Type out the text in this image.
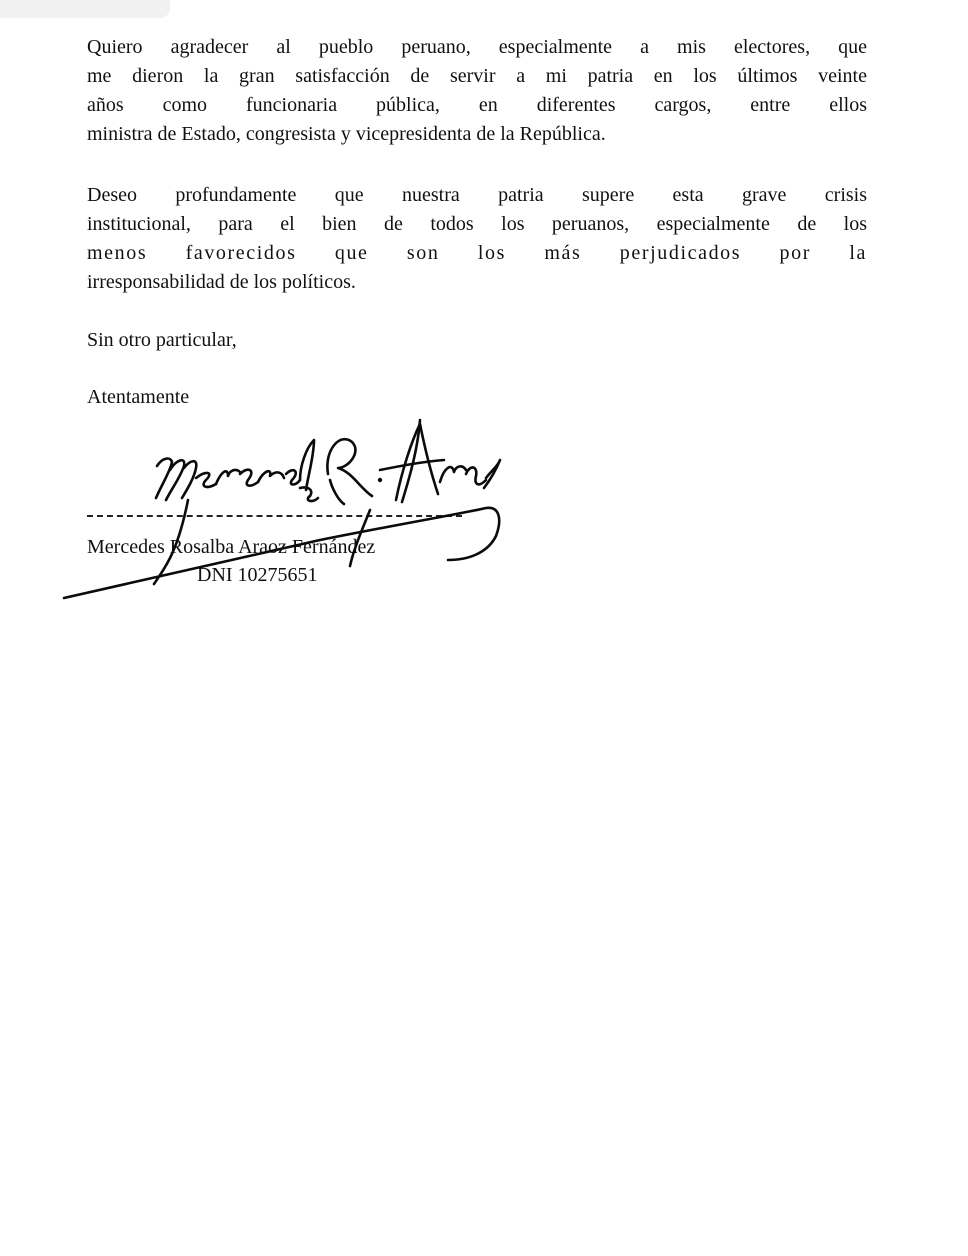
Quiero agradecer al pueblo peruano, especialmente a mis electores, que
me dieron la gran satisfacción de servir a mi patria en los últimos veinte
años como funcionaria pública, en diferentes cargos, entre ellos
ministra de Estado, congresista y vicepresidenta de la República.

Deseo profundamente que nuestra patria supere esta grave crisis
institucional, para el bien de todos los peruanos, especialmente de los
menos favorecidos que son los más perjudicados por la
irresponsabilidad de los políticos.

Sin otro particular,

Atentamente

Mercedes Rosalba Araoz Fernández

DNI 10275651
